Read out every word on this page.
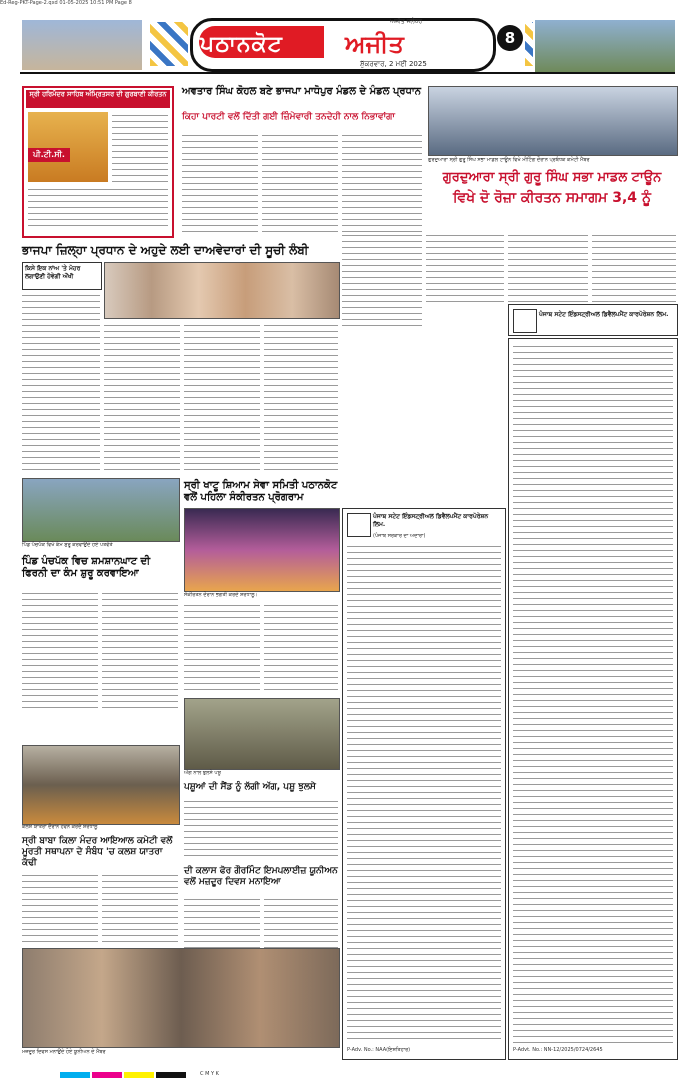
Ed-Reg-PKT-Page-2.qxd 01-05-2025 10:51 PM Page 8
ਪਠਾਨਕੋਟ	ਅਜੀਤ
ਅਜੀਤ ਜਲੰਧਰ
ਸ਼ੁੱਕਰਵਾਰ, 2 ਮਈ 2025
8
ਸ੍ਰੀ ਹਰਿਮੰਦਰ ਸਾਹਿਬ ਅੰਮ੍ਰਿਤਸਰ ਦੀ ਗੁਰਬਾਣੀ ਕੀਰਤਨ
ਪੀ.ਟੀ.ਸੀ.
ਅਵਤਾਰ ਸਿੰਘ ਕੋਹਲ ਬਣੇ ਭਾਜਪਾ ਮਾਧੋਪੁਰ ਮੰਡਲ ਦੇ ਮੰਡਲ ਪ੍ਰਧਾਨ
ਕਿਹਾ ਪਾਰਟੀ ਵਲੋਂ ਦਿੱਤੀ ਗਈ ਜ਼ਿੰਮੇਵਾਰੀ ਤਨਦੇਹੀ ਨਾਲ ਨਿਭਾਵਾਂਗਾ
ਗੁਰਦੁਆਰਾ ਸ੍ਰੀ ਗੁਰੂ ਸਿੰਘ ਸਭਾ ਮਾਡਲ ਟਾਊਨ ਵਿਖੇ ਮੀਟਿੰਗ ਦੌਰਾਨ ਪ੍ਰਬੰਧਕ ਕਮੇਟੀ ਮੈਂਬਰ
ਗੁਰਦੁਆਰਾ ਸ੍ਰੀ ਗੁਰੂ ਸਿੰਘ ਸਭਾ ਮਾਡਲ ਟਾਊਨ
ਵਿਖੇ ਦੋ ਰੋਜ਼ਾ ਕੀਰਤਨ ਸਮਾਗਮ 3,4 ਨੂੰ
ਭਾਜਪਾ ਜ਼ਿਲ੍ਹਾ ਪ੍ਰਧਾਨ ਦੇ ਅਹੁਦੇ ਲਈ ਦਾਅਵੇਦਾਰਾਂ ਦੀ ਸੂਚੀ ਲੰਬੀ
ਕਿਸੇ ਇਕ ਨਾਂਅ 'ਤੇ ਮੋਹਰ ਲਗਾਉਣੀ ਹੋਵੇਗੀ ਔਖੀ
ਪੰਜਾਬ ਸਟੇਟ ਇੰਡਸਟ੍ਰੀਅਲ ਡਿਵੈਲਪਮੈਂਟ ਕਾਰਪੋਰੇਸ਼ਨ ਲਿਮ.
ਸ੍ਰੀ ਖਾਟੂ ਸ਼ਿਆਮ ਸੇਵਾ ਸਮਿਤੀ ਪਠਾਨਕੋਟ ਵਲੋਂ ਪਹਿਲਾ ਸੰਕੀਰਤਨ ਪ੍ਰੋਗਰਾਮ
ਸੰਕੀਰਤਨ ਦੌਰਾਨ ਭਗਤੀ ਕਰਦੇ ਸ਼ਰਧਾਲੂ।
ਪਿੰਡ ਪੰਚਪੱਕ ਵਿਖੇ ਕੰਮ ਸ਼ੁਰੂ ਕਰਵਾਉਂਦੇ ਹੋਏ ਪਤਵੰਤੇ
ਪਿੰਡ ਪੰਚਪੱਕ ਵਿਚ ਸ਼ਮਸ਼ਾਨਘਾਟ ਦੀ ਫਿਰਨੀ ਦਾ ਕੰਮ ਸ਼ੁਰੂ ਕਰਵਾਇਆ
ਅੱਗ ਨਾਲ ਝੁਲਸੇ ਪਸ਼ੂ
ਪੰਜਾਬ ਸਟੇਟ ਇੰਡਸਟ੍ਰੀਅਲ ਡਿਵੈਲਪਮੈਂਟ ਕਾਰਪੋਰੇਸ਼ਨ ਲਿਮ.
(ਪੰਜਾਬ ਸਰਕਾਰ ਦਾ ਅਦਾਰਾ)
P-Adv. No.: NAA(ਇਸ਼ਤਿਹਾਰ)	P-Advt. No.: NN-12/2025/0724/2645
ਕਲਸ਼ ਯਾਤਰਾ ਦੌਰਾਨ ਹਵਨ ਕਰਦੇ ਸ਼ਰਧਾਲੂ
ਸ੍ਰੀ ਬਾਬਾ ਕਿਲਾ ਮੰਦਰ ਆਇਆਲ ਕਮੇਟੀ ਵਲੋਂ ਮੂਰਤੀ ਸਥਾਪਨਾ ਦੇ ਸੰਬੰਧ 'ਚ ਕਲਸ਼ ਯਾਤਰਾ ਕੱਢੀ
ਪਸ਼ੂਆਂ ਦੀ ਸੈਂਡ ਨੂੰ ਲੱਗੀ ਅੱਗ, ਪਸ਼ੂ ਝੁਲਸੇ
ਦੀ ਕਲਾਸ ਫੋਰ ਗੌਰਮਿੰਟ ਇਮਪਲਾਈਜ਼ ਯੂਨੀਅਨ ਵਲੋਂ ਮਜ਼ਦੂਰ ਦਿਵਸ ਮਨਾਇਆ
ਮਜ਼ਦੂਰ ਦਿਵਸ ਮਨਾਉਂਦੇ ਹੋਏ ਯੂਨੀਅਨ ਦੇ ਮੈਂਬਰ
C M Y K
